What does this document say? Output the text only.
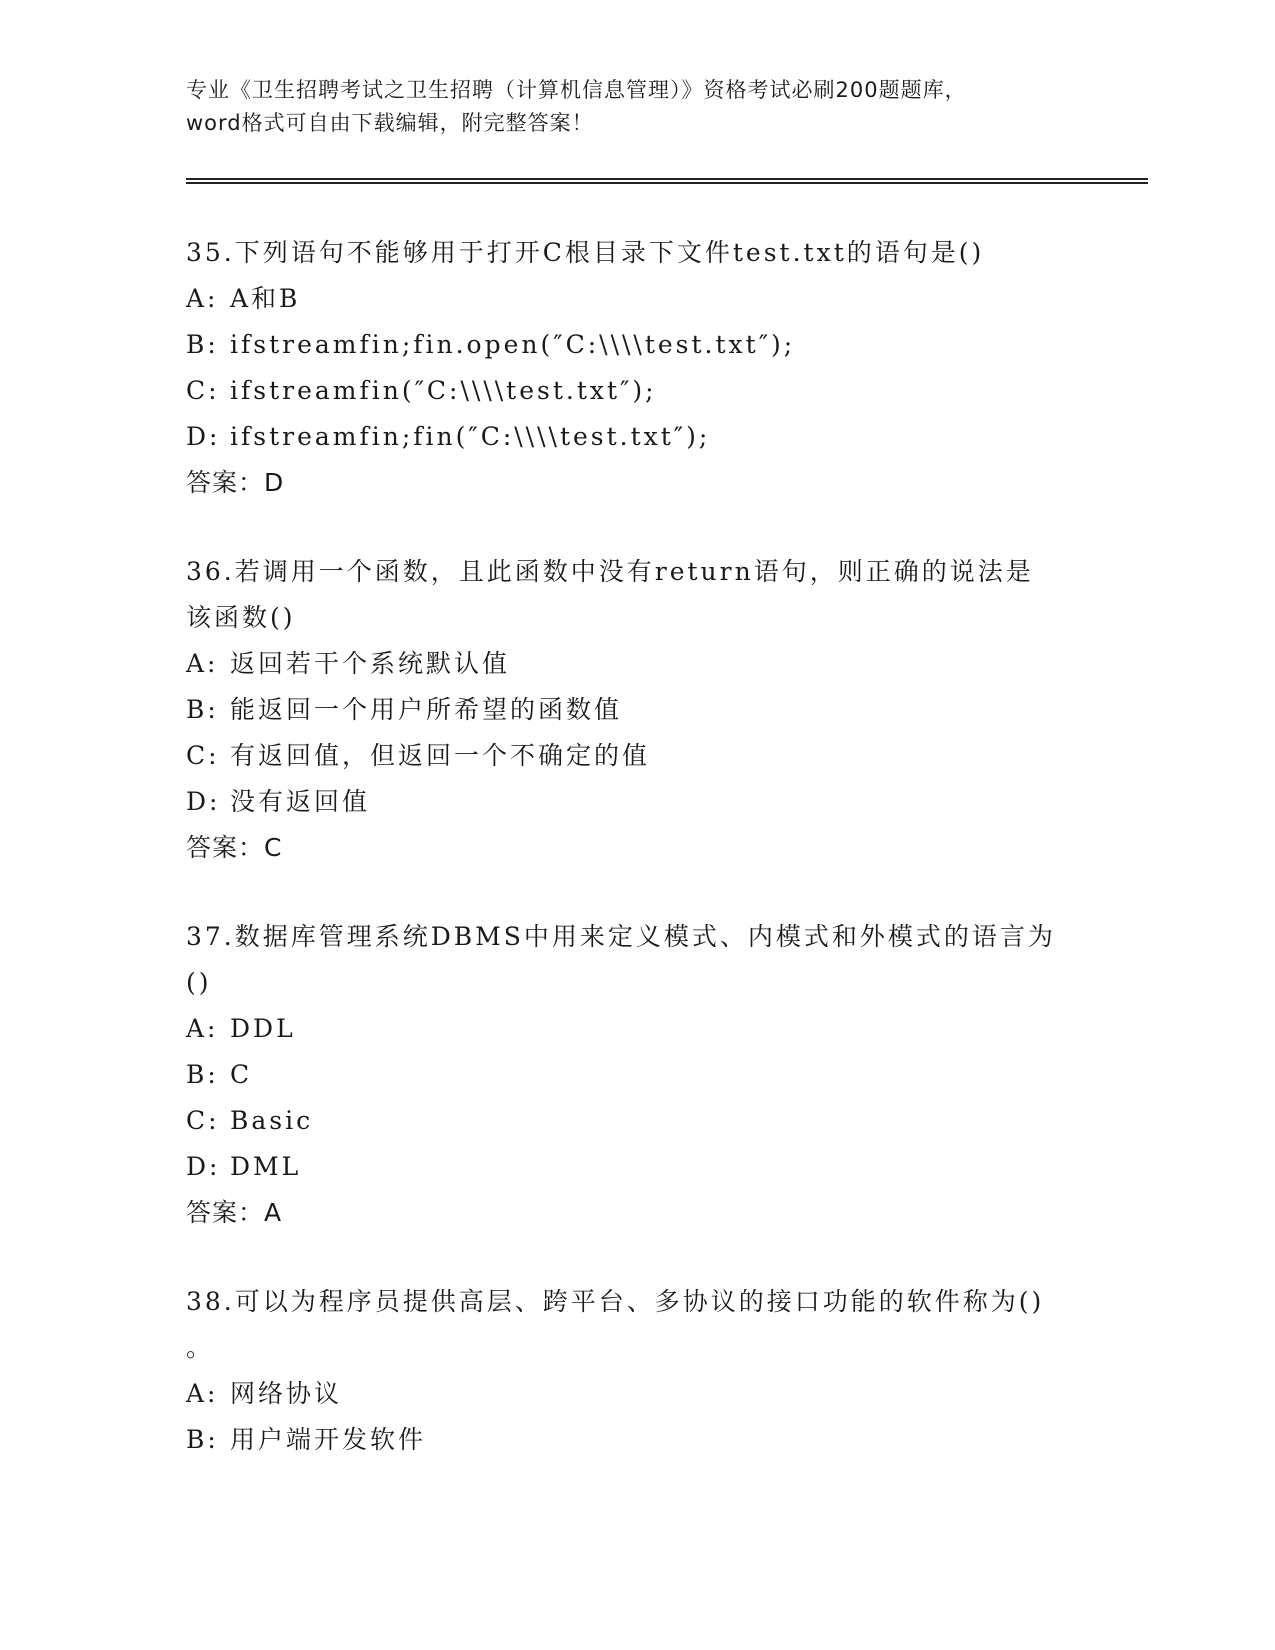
专业《卫生招聘考试之卫生招聘（计算机信息管理）》资格考试必刷200题题库，
word格式可自由下载编辑，附完整答案！
35.下列语句不能够用于打开C根目录下文件test.txt的语句是()
A: A和B
B: ifstreamfin;fin.open(″C:\\\\test.txt″);
C: ifstreamfin(″C:\\\\test.txt″);
D: ifstreamfin;fin(″C:\\\\test.txt″);
答案：D
36.若调用一个函数，且此函数中没有return语句，则正确的说法是
该函数()
A: 返回若干个系统默认值
B: 能返回一个用户所希望的函数值
C: 有返回值，但返回一个不确定的值
D: 没有返回值
答案：C
37.数据库管理系统DBMS中用来定义模式、内模式和外模式的语言为
()
A: DDL
B: C
C: Basic
D: DML
答案：A
38.可以为程序员提供高层、跨平台、多协议的接口功能的软件称为()
。
A: 网络协议
B: 用户端开发软件
